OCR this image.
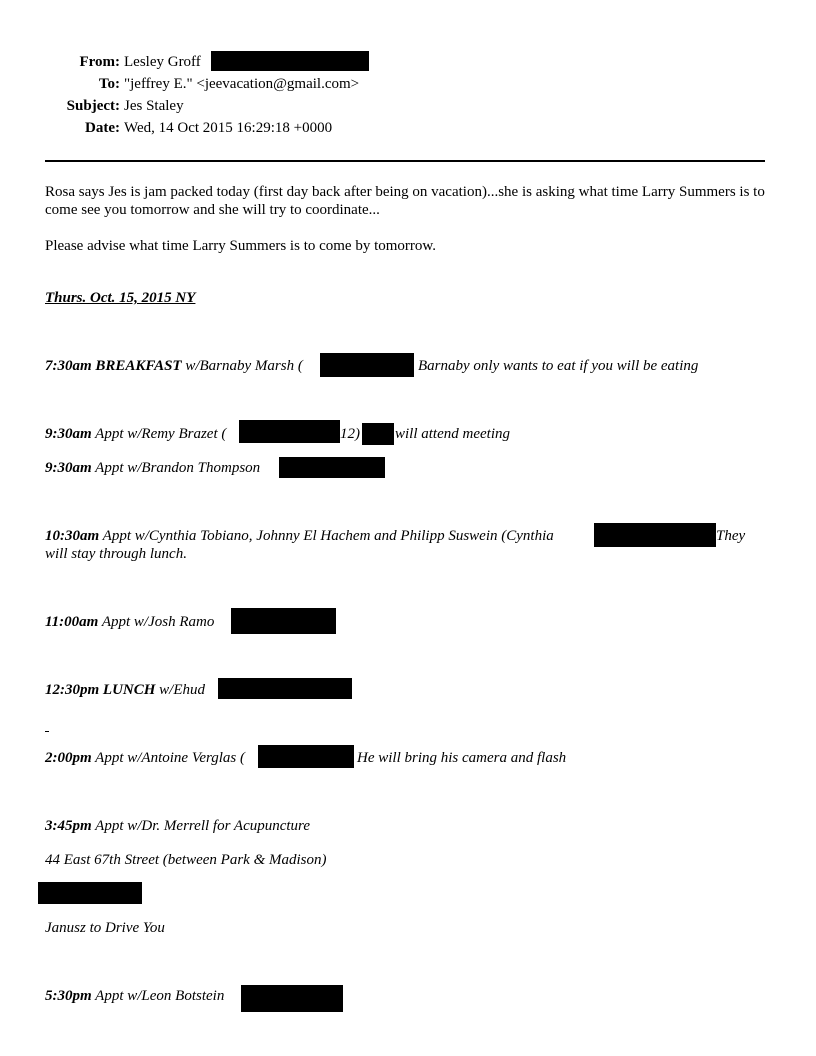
From: Lesley Groff
To: "jeffrey E." <jeevacation@gmail.com>
Subject: Jes Staley
Date: Wed, 14 Oct 2015 16:29:18 +0000
Rosa says Jes is jam packed today (first day back after being on vacation)...she is asking what time Larry Summers is to come see you tomorrow and she will try to coordinate...
Please advise what time Larry Summers is to come by tomorrow.
Thurs. Oct. 15, 2015 NY
7:30am BREAKFAST w/Barnaby Marsh (	Barnaby only wants to eat if you will be eating
9:30am Appt w/Remy Brazet (	12) will attend meeting
9:30am Appt w/Brandon Thompson
10:30am Appt w/Cynthia Tobiano, Johnny El Hachem and Philipp Suswein (Cynthia	They
will stay through lunch.
11:00am Appt w/Josh Ramo
12:30pm LUNCH w/Ehud
2:00pm Appt w/Antoine Verglas (	He will bring his camera and flash
3:45pm Appt w/Dr. Merrell for Acupuncture
44 East 67th Street (between Park & Madison)
Janusz to Drive You
5:30pm Appt w/Leon Botstein
